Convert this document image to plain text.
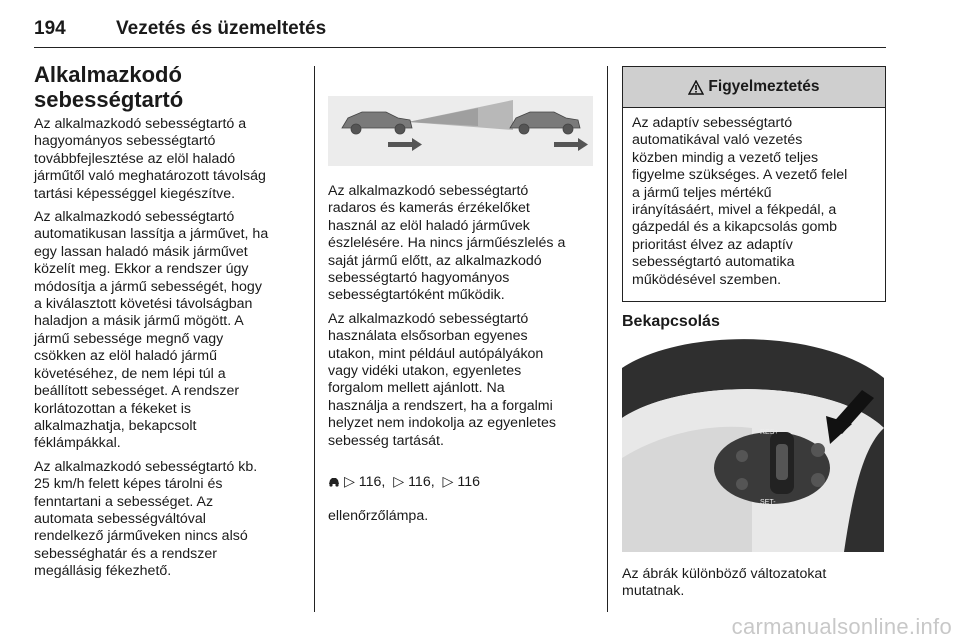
194	Vezetés és üzemeltetés
Alkalmazkodó
sebességtartó

Az alkalmazkodó sebességtartó a
hagyományos sebességtartó
továbbfejlesztése az elöl haladó
járműtől való meghatározott távolság
tartási képességgel kiegészítve.

Az alkalmazkodó sebességtartó
automatikusan lassítja a járművet, ha
egy lassan haladó másik járművet
közelít meg. Ekkor a rendszer úgy
módosítja a jármű sebességét, hogy
a kiválasztott követési távolságban
haladjon a másik jármű mögött. A
jármű sebessége megnő vagy
csökken az elöl haladó jármű
követéséhez, de nem lépi túl a
beállított sebességet. A rendszer
korlátozottan a fékeket is
alkalmazhatja, bekapcsolt
féklámpákkal.

Az alkalmazkodó sebességtartó kb.
25 km/h felett képes tárolni és
fenntartani a sebességet. Az
automata sebességváltóval
rendelkező járműveken nincs alsó
sebességhatár és a rendszer
megállásig fékezhető.

Az alkalmazkodó sebességtartó
radaros és kamerás érzékelőket
használ az elöl haladó járművek
észlelésére. Ha nincs járműészlelés a
saját jármű előtt, az alkalmazkodó
sebességtartó hagyományos
sebességtartóként működik.

Az alkalmazkodó sebességtartó
használata elsősorban egyenes
utakon, mint például autópályákon
vagy vidéki utakon, egyenletes
forgalom mellett ajánlott. Na
használja a rendszert, ha a forgalmi
helyzet nem indokolja az egyenletes
sebesség tartását.

▷ 116,  ▷ 116,  ▷ 116

ellenőrzőlámpa.

Figyelmeztetés

Az adaptív sebességtartó
automatikával való vezetés
közben mindig a vezető teljes
figyelme szükséges. A vezető felel
a jármű teljes mértékű
irányításáért, mivel a fékpedál, a
gázpedál és a kikapcsolás gomb
prioritást élvez az adaptív
sebességtartó automatika
működésével szemben.

Bekapcsolás
RES+
SET-

Az ábrák különböző változatokat
mutatnak.

carmanualsonline.info
